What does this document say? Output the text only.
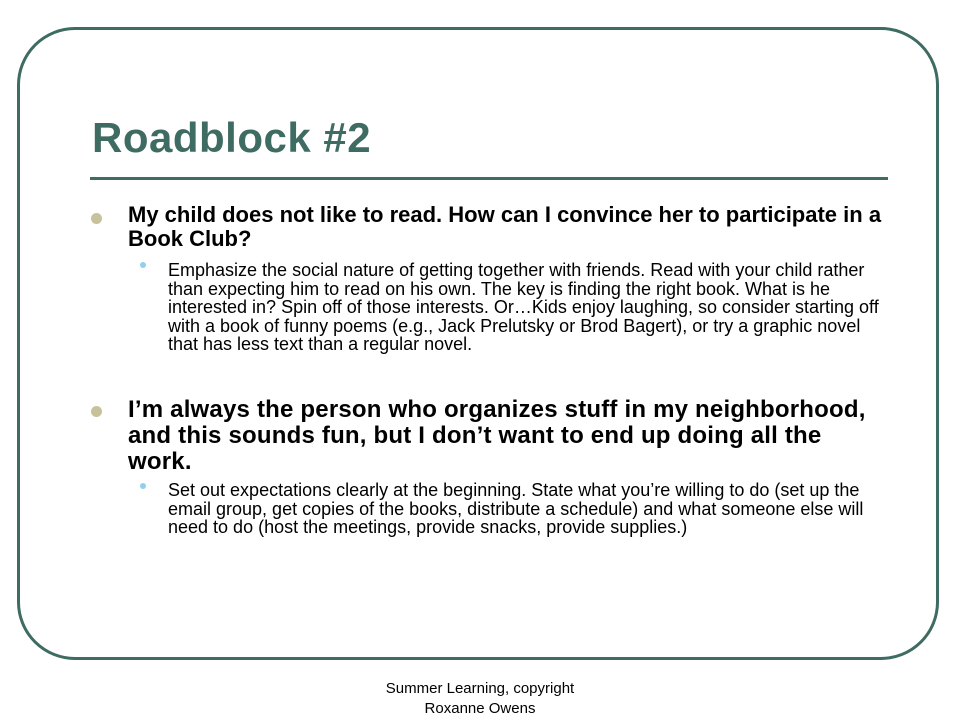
Roadblock #2
My child does not like to read. How can I convince her to participate in a Book Club?
Emphasize the social nature of getting together with friends. Read with your child rather than expecting him to read on his own. The key is finding the right book. What is he interested in? Spin off of those interests. Or…Kids enjoy laughing, so consider starting off with a book of funny poems (e.g., Jack Prelutsky or Brod Bagert), or try a graphic novel that has less text than a regular novel.
I’m always the person who organizes stuff in my neighborhood, and this sounds fun, but I don’t want to end up doing all the work.
Set out expectations clearly at the beginning. State what you’re willing to do (set up the email group, get copies of the books, distribute a schedule) and what someone else will need to do (host the meetings, provide snacks, provide supplies.)
Summer Learning, copyright
Roxanne Owens
